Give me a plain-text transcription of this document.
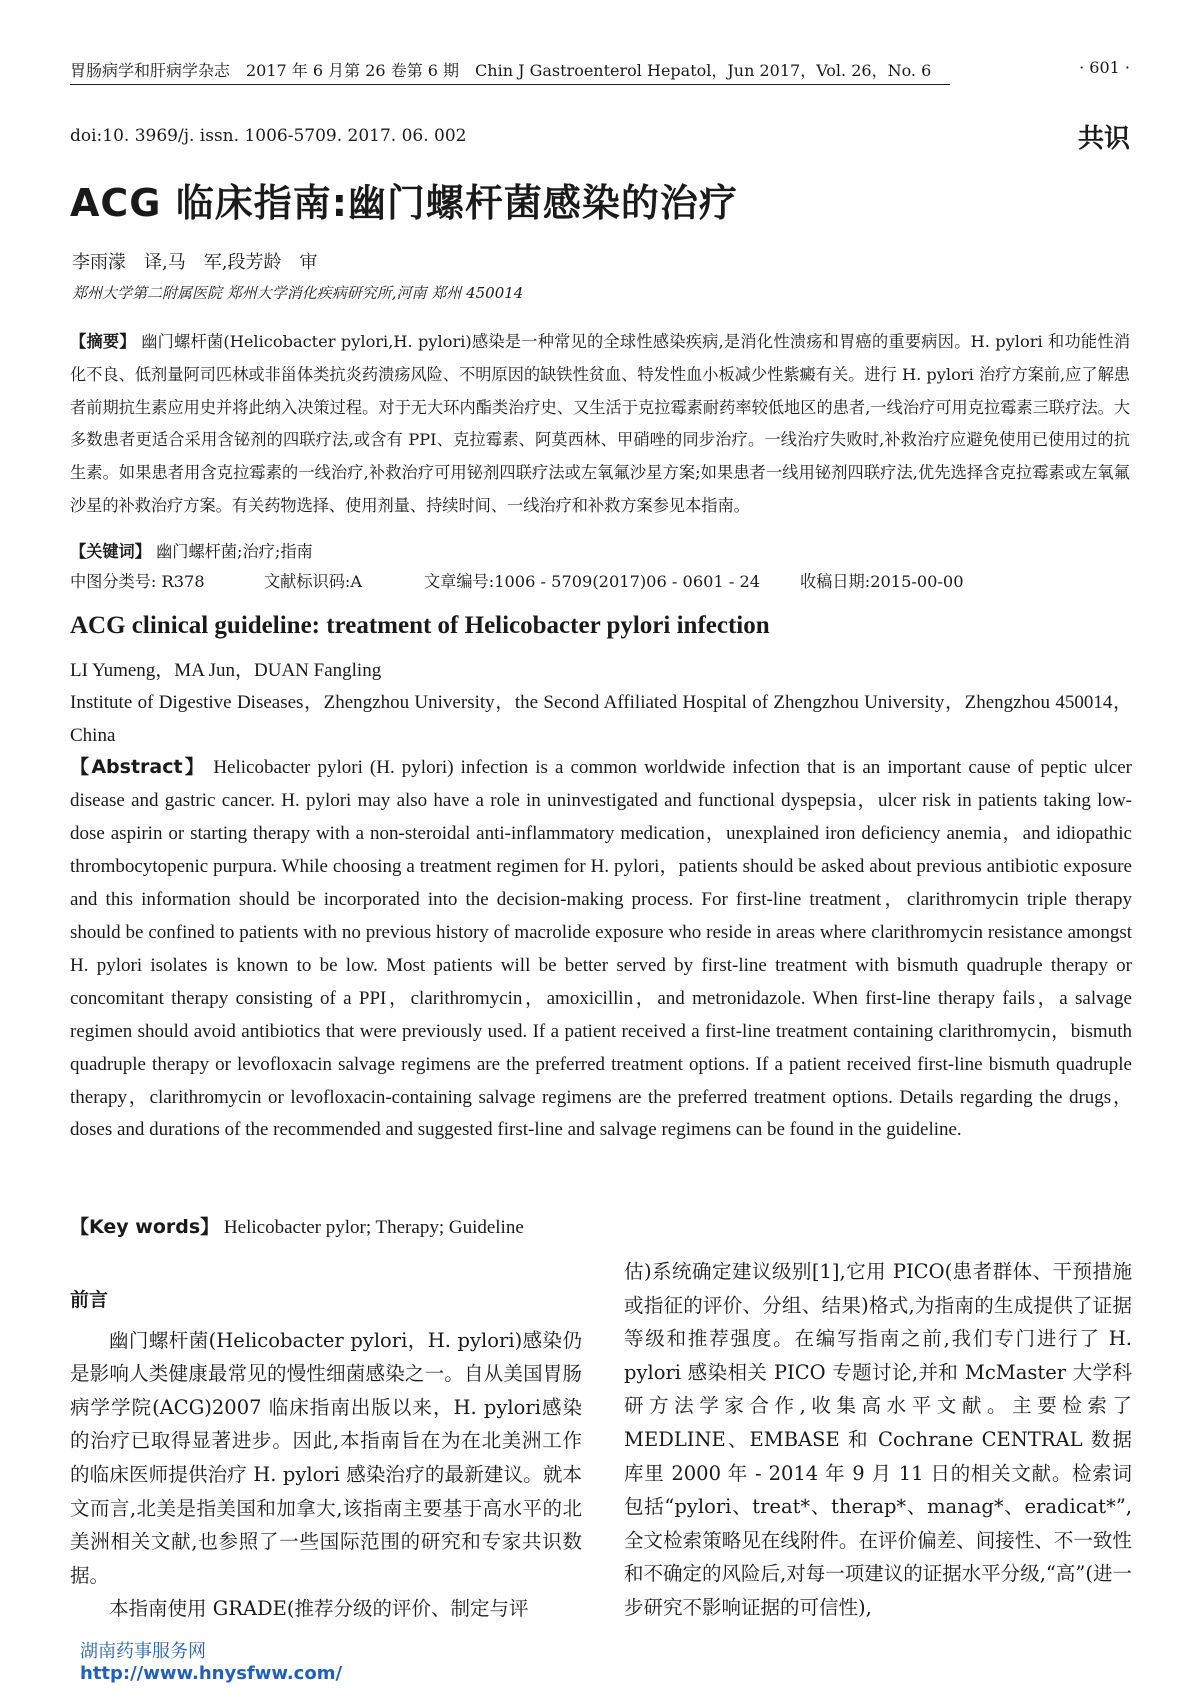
胃肠病学和肝病学杂志　2017 年 6 月第 26 卷第 6 期　Chin J Gastroenterol Hepatol，Jun 2017，Vol. 26，No. 6	· 601 ·
doi:10. 3969/j. issn. 1006-5709. 2017. 06. 002	共识
ACG 临床指南:幽门螺杆菌感染的治疗
李雨濛　译,马　军,段芳龄　审
郑州大学第二附属医院 郑州大学消化疾病研究所,河南 郑州 450014
【摘要】 幽门螺杆菌(Helicobacter pylori,H. pylori)感染是一种常见的全球性感染疾病,是消化性溃疡和胃癌的重要病因。H. pylori 和功能性消化不良、低剂量阿司匹林或非甾体类抗炎药溃疡风险、不明原因的缺铁性贫血、特发性血小板减少性紫癜有关。进行 H. pylori 治疗方案前,应了解患者前期抗生素应用史并将此纳入决策过程。对于无大环内酯类治疗史、又生活于克拉霉素耐药率较低地区的患者,一线治疗可用克拉霉素三联疗法。大多数患者更适合采用含铋剂的四联疗法,或含有 PPI、克拉霉素、阿莫西林、甲硝唑的同步治疗。一线治疗失败时,补救治疗应避免使用已使用过的抗生素。如果患者用含克拉霉素的一线治疗,补救治疗可用铋剂四联疗法或左氧氟沙星方案;如果患者一线用铋剂四联疗法,优先选择含克拉霉素或左氧氟沙星的补救治疗方案。有关药物选择、使用剂量、持续时间、一线治疗和补救方案参见本指南。
【关键词】 幽门螺杆菌;治疗;指南
中图分类号: R378	文献标识码:A	文章编号:1006 - 5709(2017)06 - 0601 - 24 收稿日期:2015-00-00
ACG clinical guideline: treatment of Helicobacter pylori infection
LI Yumeng，MA Jun，DUAN Fangling
Institute of Digestive Diseases，Zhengzhou University，the Second Affiliated Hospital of Zhengzhou University，Zhengzhou 450014，China
【Abstract】 Helicobacter pylori (H. pylori) infection is a common worldwide infection that is an important cause of peptic ulcer disease and gastric cancer. H. pylori may also have a role in uninvestigated and functional dyspepsia，ulcer risk in patients taking low-dose aspirin or starting therapy with a non-steroidal anti-inflammatory medication，unexplained iron deficiency anemia，and idiopathic thrombocytopenic purpura. While choosing a treatment regimen for H. pylori，patients should be asked about previous antibiotic exposure and this information should be incorporated into the decision-making process. For first-line treatment，clarithromycin triple therapy should be confined to patients with no previous history of macrolide exposure who reside in areas where clarithromycin resistance amongst H. pylori isolates is known to be low. Most patients will be better served by first-line treatment with bismuth quadruple therapy or concomitant therapy consisting of a PPI，clarithromycin，amoxicillin，and metronidazole. When first-line therapy fails，a salvage regimen should avoid antibiotics that were previously used. If a patient received a first-line treatment containing clarithromycin，bismuth quadruple therapy or levofloxacin salvage regimens are the preferred treatment options. If a patient received first-line bismuth quadruple therapy，clarithromycin or levofloxacin-containing salvage regimens are the preferred treatment options. Details regarding the drugs，doses and durations of the recommended and suggested first-line and salvage regimens can be found in the guideline.
【Key words】 Helicobacter pylor; Therapy; Guideline
前言
幽门螺杆菌(Helicobacter pylori，H. pylori)感染仍是影响人类健康最常见的慢性细菌感染之一。自从美国胃肠病学学院(ACG)2007 临床指南出版以来，H. pylori感染的治疗已取得显著进步。因此,本指南旨在为在北美洲工作的临床医师提供治疗 H. pylori 感染治疗的最新建议。就本文而言,北美是指美国和加拿大,该指南主要基于高水平的北美洲相关文献,也参照了一些国际范围的研究和专家共识数据。
本指南使用 GRADE(推荐分级的评价、制定与评
估)系统确定建议级别[1],它用 PICO(患者群体、干预措施或指征的评价、分组、结果)格式,为指南的生成提供了证据等级和推荐强度。在编写指南之前,我们专门进行了 H. pylori 感染相关 PICO 专题讨论,并和 McMaster 大学科研方法学家合作,收集高水平文献。主要检索了 MEDLINE、EMBASE 和 Cochrane CENTRAL 数据库里 2000 年 - 2014 年 9 月 11 日的相关文献。检索词包括“pylori、treat*、therap*、manag*、eradicat*”,全文检索策略见在线附件。在评价偏差、间接性、不一致性和不确定的风险后,对每一项建议的证据水平分级,“高”(进一步研究不影响证据的可信性),
湖南药事服务网
http://www.hnysfww.com/
